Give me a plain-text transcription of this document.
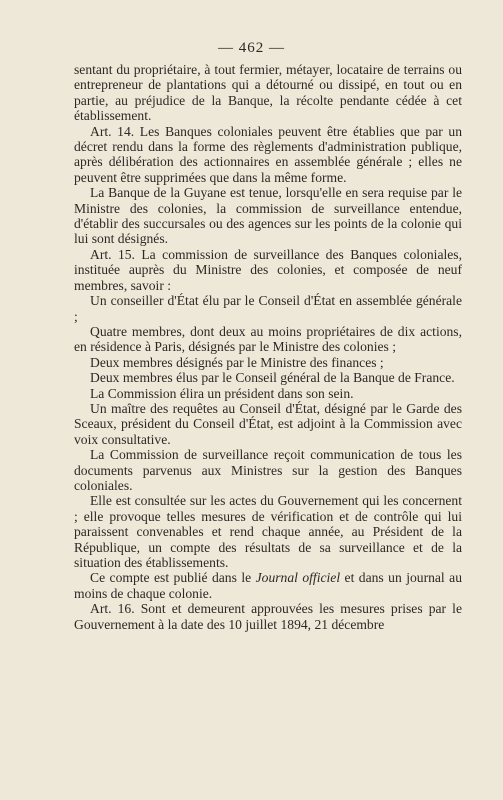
— 462 —

sentant du propriétaire, à tout fermier, métayer, locataire de terrains ou entrepreneur de plantations qui a détourné ou dissipé, en tout ou en partie, au préjudice de la Banque, la récolte pendante cédée à cet établissement.

Art. 14. Les Banques coloniales peuvent être établies que par un décret rendu dans la forme des règlements d'administration publique, après délibération des actionnaires en assemblée générale ; elles ne peuvent être supprimées que dans la même forme.

La Banque de la Guyane est tenue, lorsqu'elle en sera requise par le Ministre des colonies, la commission de surveillance entendue, d'établir des succursales ou des agences sur les points de la colonie qui lui sont désignés.

Art. 15. La commission de surveillance des Banques coloniales, instituée auprès du Ministre des colonies, et composée de neuf membres, savoir :

Un conseiller d'État élu par le Conseil d'État en assemblée générale ;

Quatre membres, dont deux au moins propriétaires de dix actions, en résidence à Paris, désignés par le Ministre des colonies ;

Deux membres désignés par le Ministre des finances ;

Deux membres élus par le Conseil général de la Banque de France.

La Commission élira un président dans son sein.

Un maître des requêtes au Conseil d'État, désigné par le Garde des Sceaux, président du Conseil d'État, est adjoint à la Commission avec voix consultative.

La Commission de surveillance reçoit communication de tous les documents parvenus aux Ministres sur la gestion des Banques coloniales.

Elle est consultée sur les actes du Gouvernement qui les concernent ; elle provoque telles mesures de vérification et de contrôle qui lui paraissent convenables et rend chaque année, au Président de la République, un compte des résultats de sa surveillance et de la situation des établissements.

Ce compte est publié dans le Journal officiel et dans un journal au moins de chaque colonie.

Art. 16. Sont et demeurent approuvées les mesures prises par le Gouvernement à la date des 10 juillet 1894, 21 décembre
